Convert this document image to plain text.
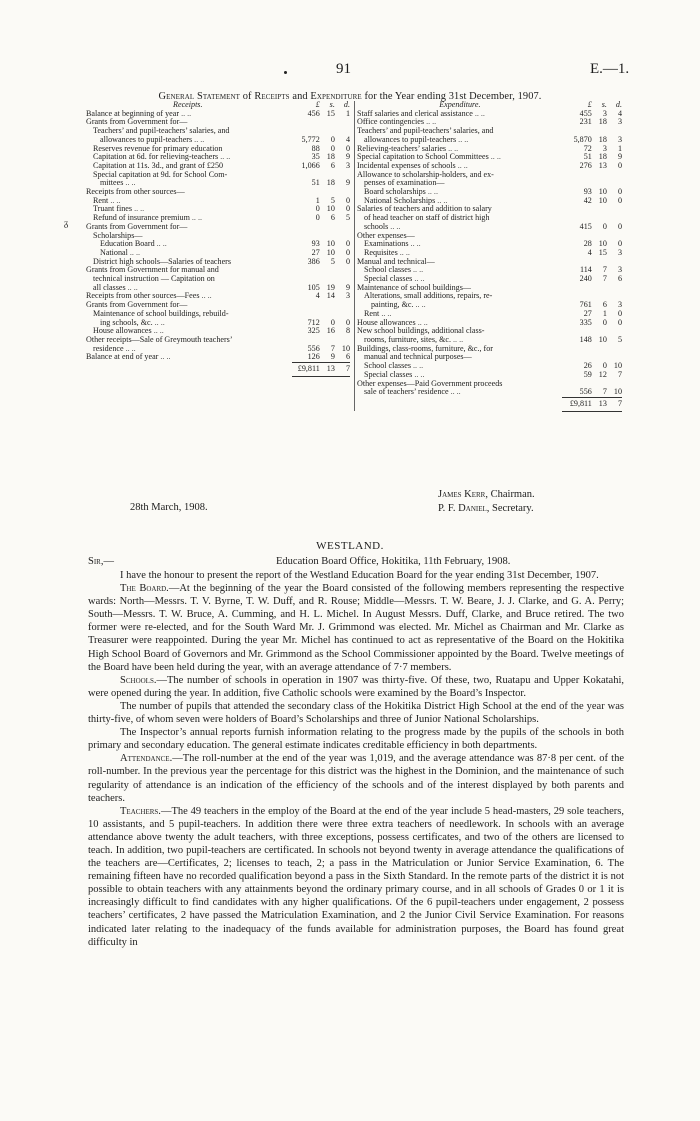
91	E.—1.
ᵹ
General Statement of Receipts and Expenditure for the Year ending 31st December, 1907.
Receipts.	£	s.	d.
Balance at beginning of year .. ..	456	15	1
Grants from Government for—			
Teachers’ and pupil-teachers’ salaries, and			
allowances to pupil-teachers .. ..	5,772	0	4
Reserves revenue for primary education	88	0	0
Capitation at 6d. for relieving-teachers .. ..	35	18	9
Capitation at 11s. 3d., and grant of £250	1,066	6	3
Special capitation at 9d. for School Com-			
mittees .. ..	51	18	9
Receipts from other sources—			
Rent .. ..	1	5	0
Truant fines .. ..	0	10	0
Refund of insurance premium .. ..	0	6	5
Grants from Government for—			
Scholarships—			
Education Board .. ..	93	10	0
National .. ..	27	10	0
District high schools—Salaries of teachers	386	5	0
Grants from Government for manual and			
technical instruction — Capitation on			
all classes .. ..	105	19	9
Receipts from other sources—Fees .. ..	4	14	3
Grants from Government for—			
Maintenance of school buildings, rebuild-			
ing schools, &c. .. ..	712	0	0
House allowances .. ..	325	16	8
Other receipts—Sale of Greymouth teachers’			
residence .. ..	556	7	10
Balance at end of year .. ..	126	9	6
	£9,811	13	7
Expenditure.	£	s.	d.
Staff salaries and clerical assistance .. ..	455	3	4
Office contingencies .. ..	231	18	3
Teachers’ and pupil-teachers’ salaries, and			
allowances to pupil-teachers .. ..	5,870	18	3
Relieving-teachers’ salaries .. ..	72	3	1
Special capitation to School Committees .. ..	51	18	9
Incidental expenses of schools .. ..	276	13	0
Allowance to scholarship-holders, and ex-			
penses of examination—			
Board scholarships .. ..	93	10	0
National Scholarships .. ..	42	10	0
Salaries of teachers and addition to salary			
of head teacher on staff of district high			
schools .. ..	415	0	0
Other expenses—			
Examinations .. ..	28	10	0
Requisites .. ..	4	15	3
Manual and technical—			
School classes .. ..	114	7	3
Special classes .. ..	240	7	6
Maintenance of school buildings—			
Alterations, small additions, repairs, re-			
painting, &c. .. ..	761	6	3
Rent .. ..	27	1	0
House allowances .. ..	335	0	0
New school buildings, additional class-			
rooms, furniture, sites, &c. .. ..	148	10	5
Buildings, class-rooms, furniture, &c., for			
manual and technical purposes—			
School classes .. ..	26	0	10
Special classes .. ..	59	12	7
Other expenses—Paid Government proceeds			
sale of teachers’ residence .. ..	556	7	10
	£9,811	13	7
28th March, 1908.
James Kerr, Chairman.
P. F. Daniel, Secretary.
WESTLAND.
Sir,—	Education Board Office, Hokitika, 11th February, 1908.

I have the honour to present the report of the Westland Education Board for the year ending 31st December, 1907.

The Board.—At the beginning of the year the Board consisted of the following members representing the respective wards: North—Messrs. T. V. Byrne, T. W. Duff, and R. Rouse; Middle—Messrs. T. W. Beare, J. J. Clarke, and G. A. Perry; South—Messrs. T. W. Bruce, A. Cumming, and H. L. Michel. In August Messrs. Duff, Clarke, and Bruce retired. The two former were re-elected, and for the South Ward Mr. J. Grimmond was elected. Mr. Michel as Chairman and Mr. Clarke as Treasurer were reappointed. During the year Mr. Michel has continued to act as representative of the Board on the Hokitika High School Board of Governors and Mr. Grimmond as the School Commissioner appointed by the Board. Twelve meetings of the Board have been held during the year, with an average attendance of 7·7 members.

Schools.—The number of schools in operation in 1907 was thirty-five. Of these, two, Ruatapu and Upper Kokatahi, were opened during the year. In addition, five Catholic schools were examined by the Board’s Inspector.

The number of pupils that attended the secondary class of the Hokitika District High School at the end of the year was thirty-five, of whom seven were holders of Board’s Scholarships and three of Junior National Scholarships.

The Inspector’s annual reports furnish information relating to the progress made by the pupils of the schools in both primary and secondary education. The general estimate indicates creditable efficiency in both departments.

Attendance.—The roll-number at the end of the year was 1,019, and the average attendance was 87·8 per cent. of the roll-number. In the previous year the percentage for this district was the highest in the Dominion, and the maintenance of such regularity of attendance is an indication of the efficiency of the schools and of the interest displayed by both parents and teachers.

Teachers.—The 49 teachers in the employ of the Board at the end of the year include 5 head-masters, 29 sole teachers, 10 assistants, and 5 pupil-teachers. In addition there were three extra teachers of needlework. In schools with an average attendance above twenty the adult teachers, with three exceptions, possess certificates, and two of the others are licensed to teach. In addition, two pupil-teachers are certificated. In schools not beyond twenty in average attendance the qualifications of the teachers are—Certificates, 2; licenses to teach, 2; a pass in the Matriculation or Junior Service Examination, 6. The remaining fifteen have no recorded qualification beyond a pass in the Sixth Standard. In the remote parts of the district it is not possible to obtain teachers with any attainments beyond the ordinary primary course, and in all schools of Grades 0 or 1 it is increasingly difficult to find candidates with any higher qualifications. Of the 6 pupil-teachers under engagement, 2 possess teachers’ certificates, 2 have passed the Matriculation Examination, and 2 the Junior Civil Service Examination. For reasons indicated later relating to the inadequacy of the funds available for administration purposes, the Board has found great difficulty in
